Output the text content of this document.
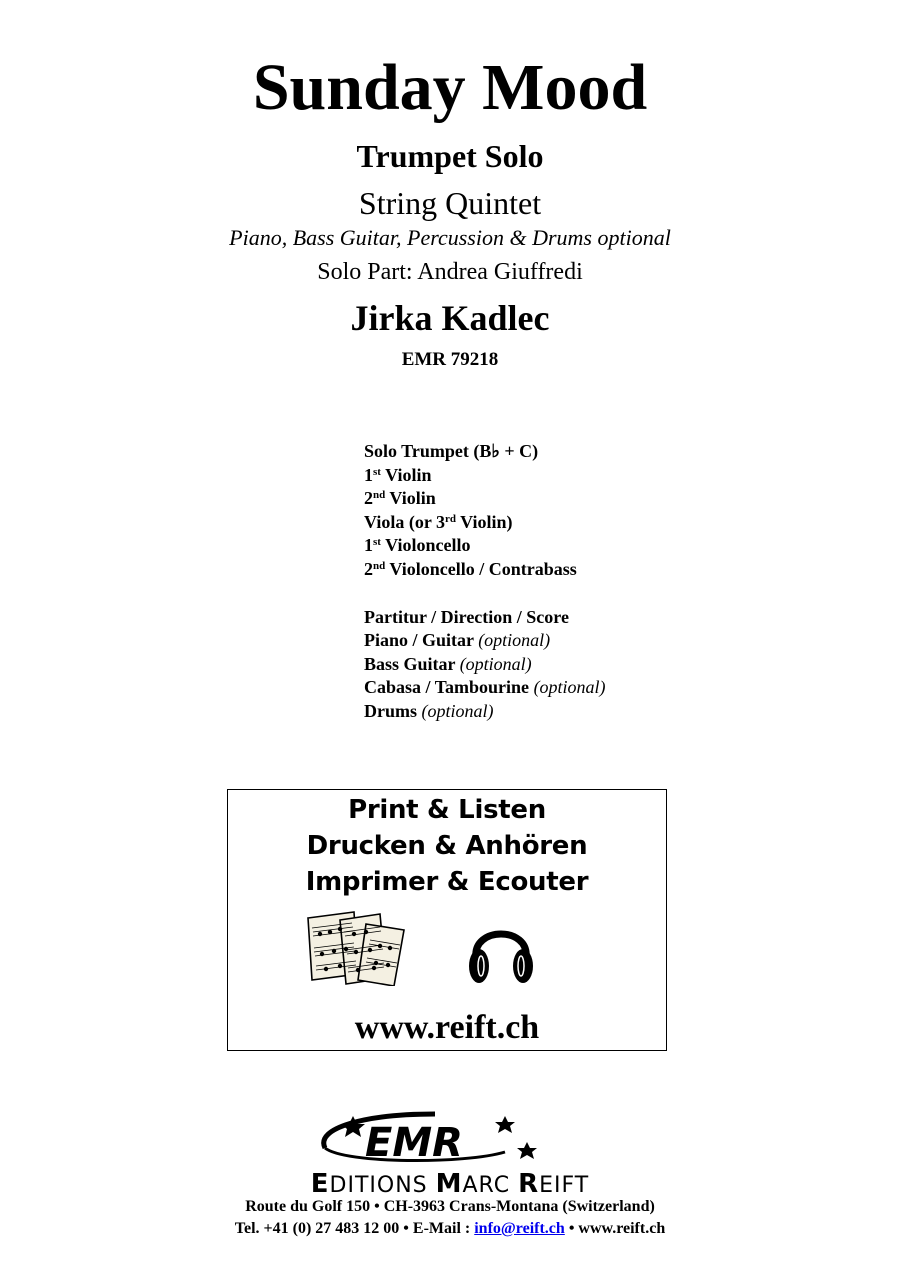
Sunday Mood
Trumpet Solo
String Quintet
Piano, Bass Guitar, Percussion & Drums optional
Solo Part: Andrea Giuffredi
Jirka Kadlec
EMR 79218
Solo Trumpet (B♭ + C)
1st Violin
2nd Violin
Viola (or 3rd Violin)
1st Violoncello
2nd Violoncello / Contrabass
Partitur / Direction / Score
Piano / Guitar (optional)
Bass Guitar (optional)
Cabasa / Tambourine (optional)
Drums (optional)
Print & Listen
Drucken & Anhören
Imprimer & Ecouter
www.reift.ch
EMR
EDITIONS MARC REIFT
Route du Golf 150 • CH-3963 Crans-Montana (Switzerland)
Tel. +41 (0) 27 483 12 00 • E-Mail : info@reift.ch • www.reift.ch
